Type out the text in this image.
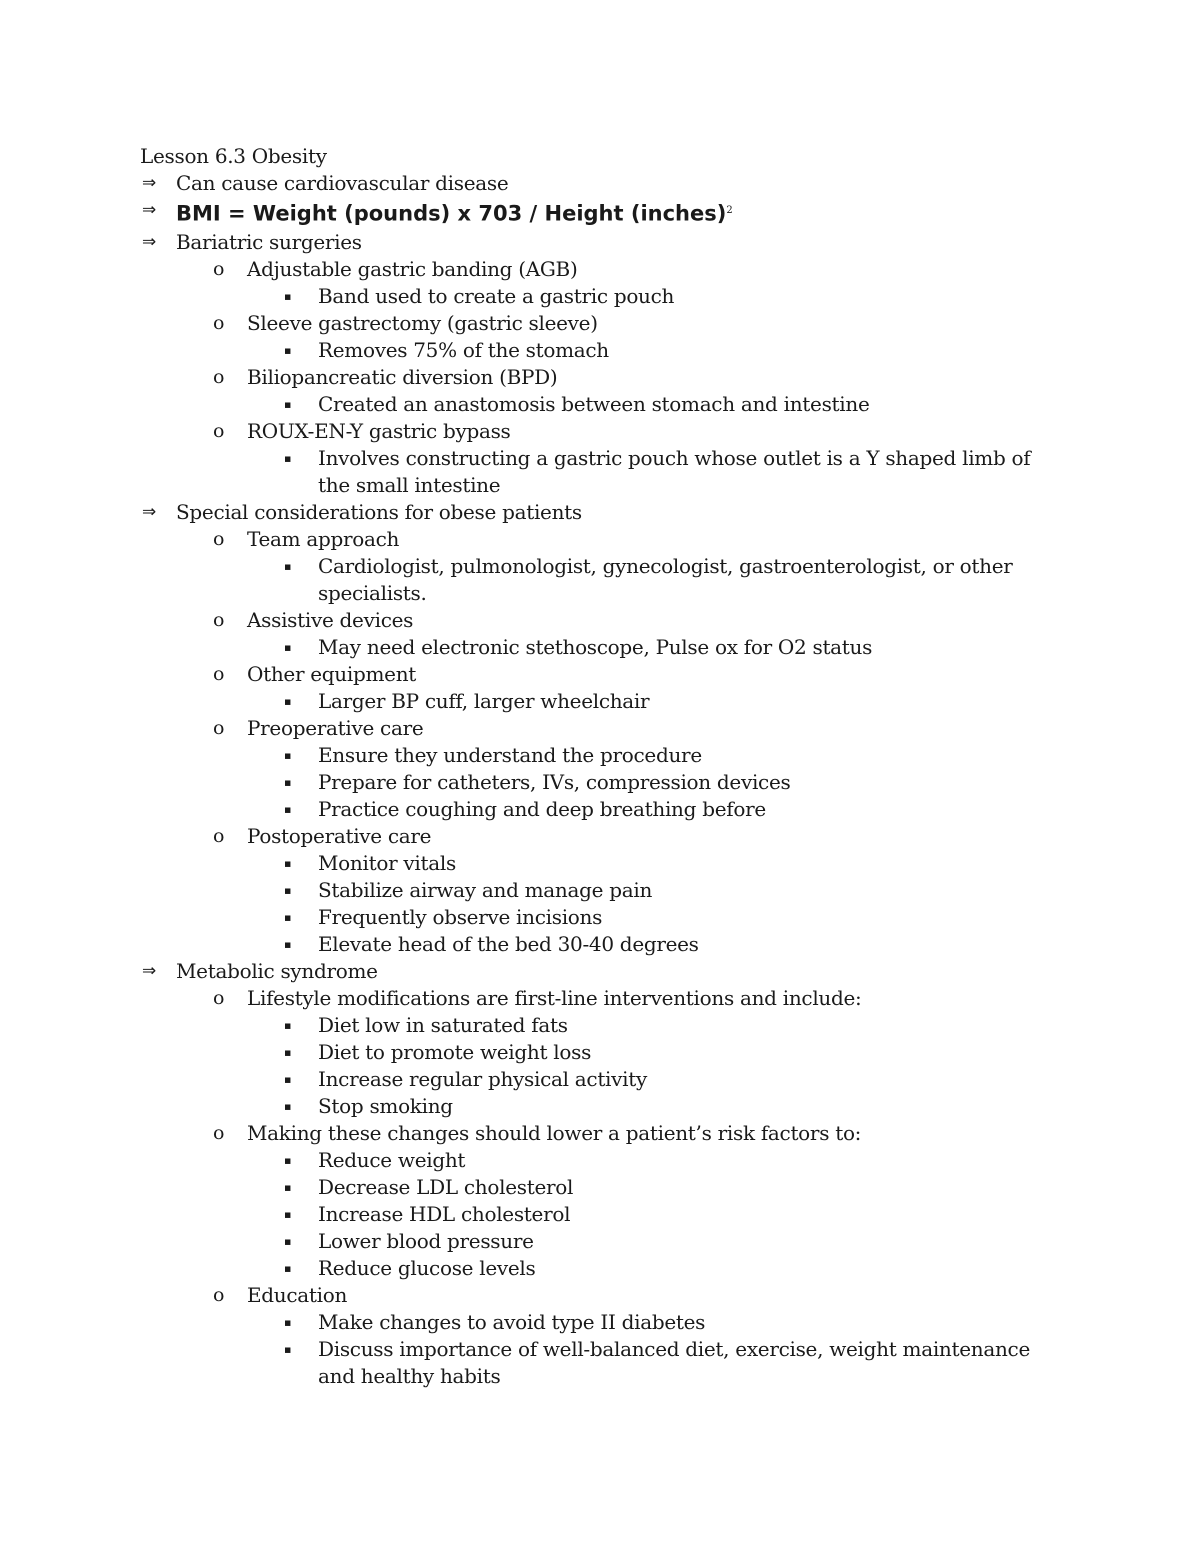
Lesson 6.3 Obesity
⇒ Can cause cardiovascular disease
⇒ BMI = Weight (pounds) x 703 / Height (inches)$^2$
⇒ Bariatric surgeries
o Adjustable gastric banding (AGB)
▪ Band used to create a gastric pouch
o Sleeve gastrectomy (gastric sleeve)
▪ Removes 75% of the stomach
o Biliopancreatic diversion (BPD)
▪ Created an anastomosis between stomach and intestine
o ROUX-EN-Y gastric bypass
▪ Involves constructing a gastric pouch whose outlet is a Y shaped limb of the small intestine
⇒ Special considerations for obese patients
o Team approach
▪ Cardiologist, pulmonologist, gynecologist, gastroenterologist, or other specialists.
o Assistive devices
▪ May need electronic stethoscope, Pulse ox for O2 status
o Other equipment
▪ Larger BP cuff, larger wheelchair
o Preoperative care
▪ Ensure they understand the procedure
▪ Prepare for catheters, IVs, compression devices
▪ Practice coughing and deep breathing before
o Postoperative care
▪ Monitor vitals
▪ Stabilize airway and manage pain
▪ Frequently observe incisions
▪ Elevate head of the bed 30-40 degrees
⇒ Metabolic syndrome
o Lifestyle modifications are first-line interventions and include:
▪ Diet low in saturated fats
▪ Diet to promote weight loss
▪ Increase regular physical activity
▪ Stop smoking
o Making these changes should lower a patient’s risk factors to:
▪ Reduce weight
▪ Decrease LDL cholesterol
▪ Increase HDL cholesterol
▪ Lower blood pressure
▪ Reduce glucose levels
o Education
▪ Make changes to avoid type II diabetes
▪ Discuss importance of well-balanced diet, exercise, weight maintenance and healthy habits
